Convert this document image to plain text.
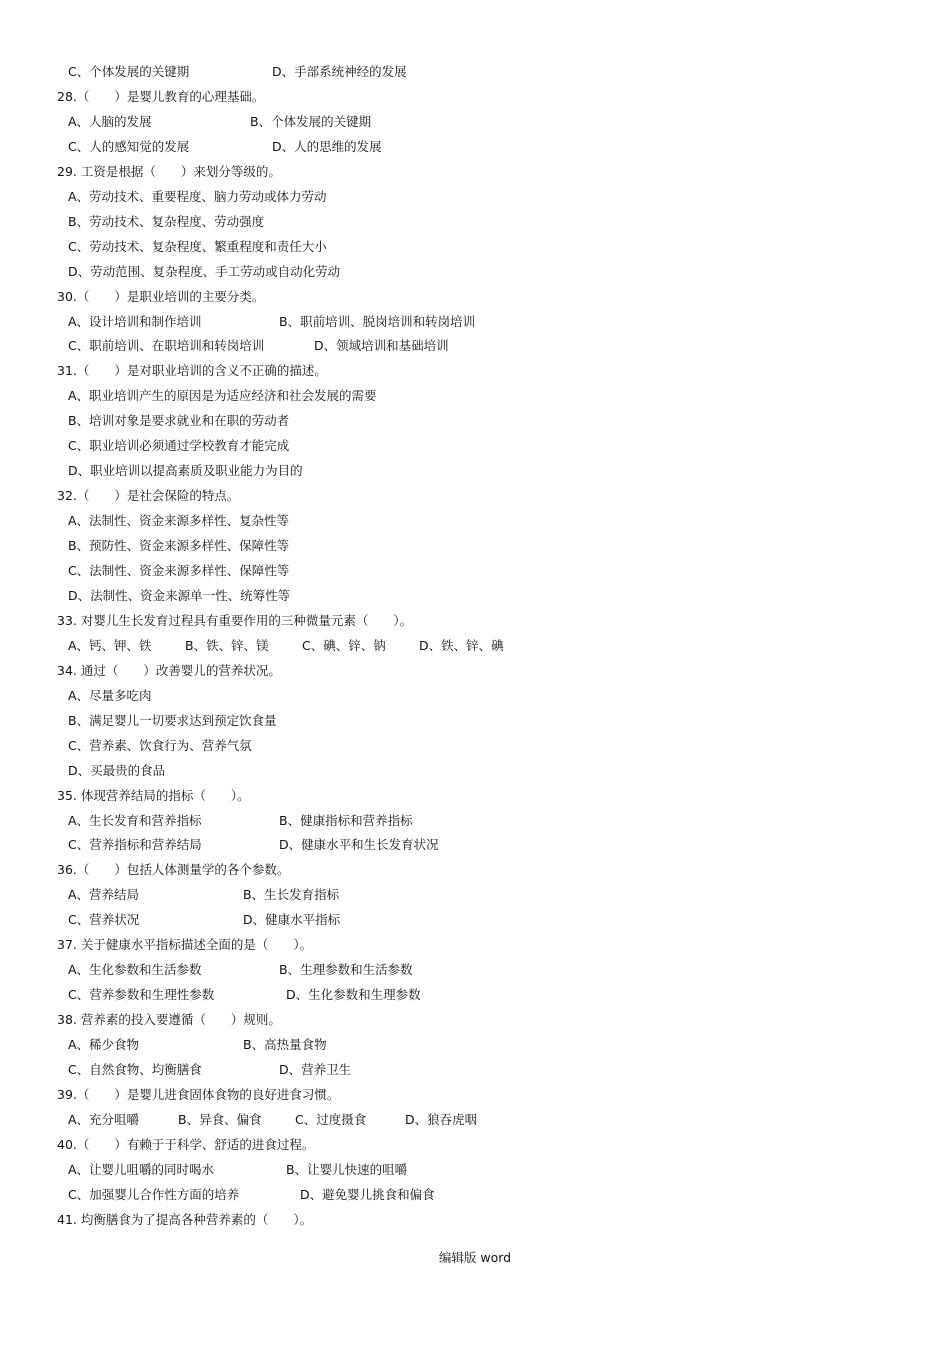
C、个体发展的关键期	D、手部系统神经的发展
28.（　　）是婴儿教育的心理基础。
A、人脑的发展	B、个体发展的关键期
C、人的感知觉的发展	D、人的思维的发展
29. 工资是根据（　　）来划分等级的。
A、劳动技术、重要程度、脑力劳动或体力劳动
B、劳动技术、复杂程度、劳动强度
C、劳动技术、复杂程度、繁重程度和责任大小
D、劳动范围、复杂程度、手工劳动或自动化劳动
30.（　　）是职业培训的主要分类。
A、设计培训和制作培训	B、职前培训、脱岗培训和转岗培训
C、职前培训、在职培训和转岗培训	D、领域培训和基础培训
31.（　　）是对职业培训的含义不正确的描述。
A、职业培训产生的原因是为适应经济和社会发展的需要
B、培训对象是要求就业和在职的劳动者
C、职业培训必须通过学校教育才能完成
D、职业培训以提高素质及职业能力为目的
32.（　　）是社会保险的特点。
A、法制性、资金来源多样性、复杂性等
B、预防性、资金来源多样性、保障性等
C、法制性、资金来源多样性、保障性等
D、法制性、资金来源单一性、统筹性等
33. 对婴儿生长发育过程具有重要作用的三种微量元素（　　）。
A、钙、钾、铁	B、铁、锌、镁	C、碘、锌、钠	D、铁、锌、碘
34. 通过（　　）改善婴儿的营养状况。
A、尽量多吃肉
B、满足婴儿一切要求达到预定饮食量
C、营养素、饮食行为、营养气氛
D、买最贵的食品
35. 体现营养结局的指标（　　）。
A、生长发育和营养指标	B、健康指标和营养指标
C、营养指标和营养结局	D、健康水平和生长发育状况
36.（　　）包括人体测量学的各个参数。
A、营养结局	B、生长发育指标
C、营养状况	D、健康水平指标
37. 关于健康水平指标描述全面的是（　　）。
A、生化参数和生活参数	B、生理参数和生活参数
C、营养参数和生理性参数	D、生化参数和生理参数
38. 营养素的投入要遵循（　　）规则。
A、稀少食物	B、高热量食物
C、自然食物、均衡膳食	D、营养卫生
39.（　　）是婴儿进食固体食物的良好进食习惯。
A、充分咀嚼	B、异食、偏食	C、过度摄食	D、狼吞虎咽
40.（　　）有赖于于科学、舒适的进食过程。
A、让婴儿咀嚼的同时喝水	B、让婴儿快速的咀嚼
C、加强婴儿合作性方面的培养	D、避免婴儿挑食和偏食
41. 均衡膳食为了提高各种营养素的（　　）。
编辑版 word
